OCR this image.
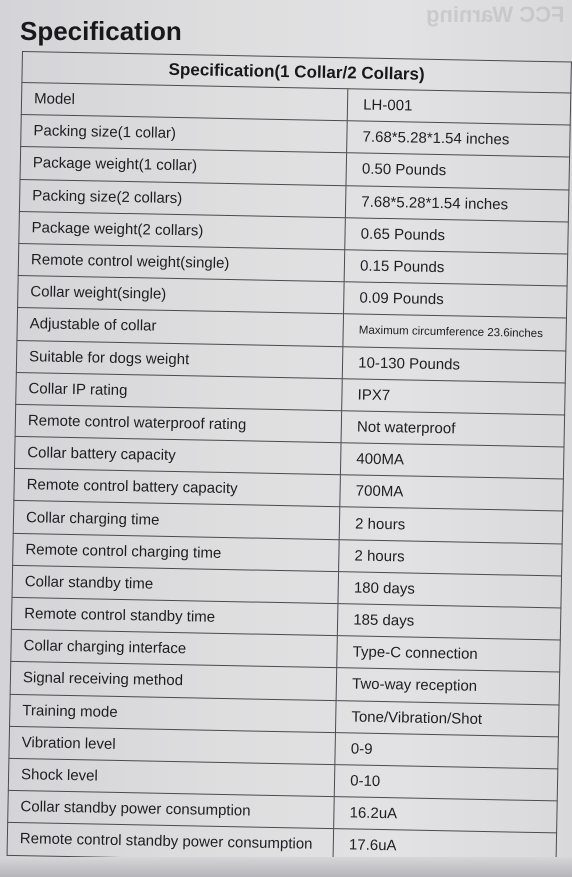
FCC Warning
Specification
Specification(1 Collar/2 Collars)	
Model	LH-001
Packing size(1 collar)	7.68*5.28*1.54 inches
Package weight(1 collar)	0.50 Pounds
Packing size(2 collars)	7.68*5.28*1.54 inches
Package weight(2 collars)	0.65 Pounds
Remote control weight(single)	0.15 Pounds
Collar weight(single)	0.09 Pounds
Adjustable of collar	Maximum circumference 23.6inches
Suitable for dogs weight	10-130 Pounds
Collar IP rating	IPX7
Remote control waterproof rating	Not waterproof
Collar battery capacity	400MA
Remote control battery capacity	700MA
Collar charging time	2 hours
Remote control charging time	2 hours
Collar standby time	180 days
Remote control standby time	185 days
Collar charging interface	Type-C connection
Signal receiving method	Two-way reception
Training mode	Tone/Vibration/Shot
Vibration level	0-9
Shock level	0-10
Collar standby power consumption	16.2uA
Remote control standby power consumption	17.6uA
